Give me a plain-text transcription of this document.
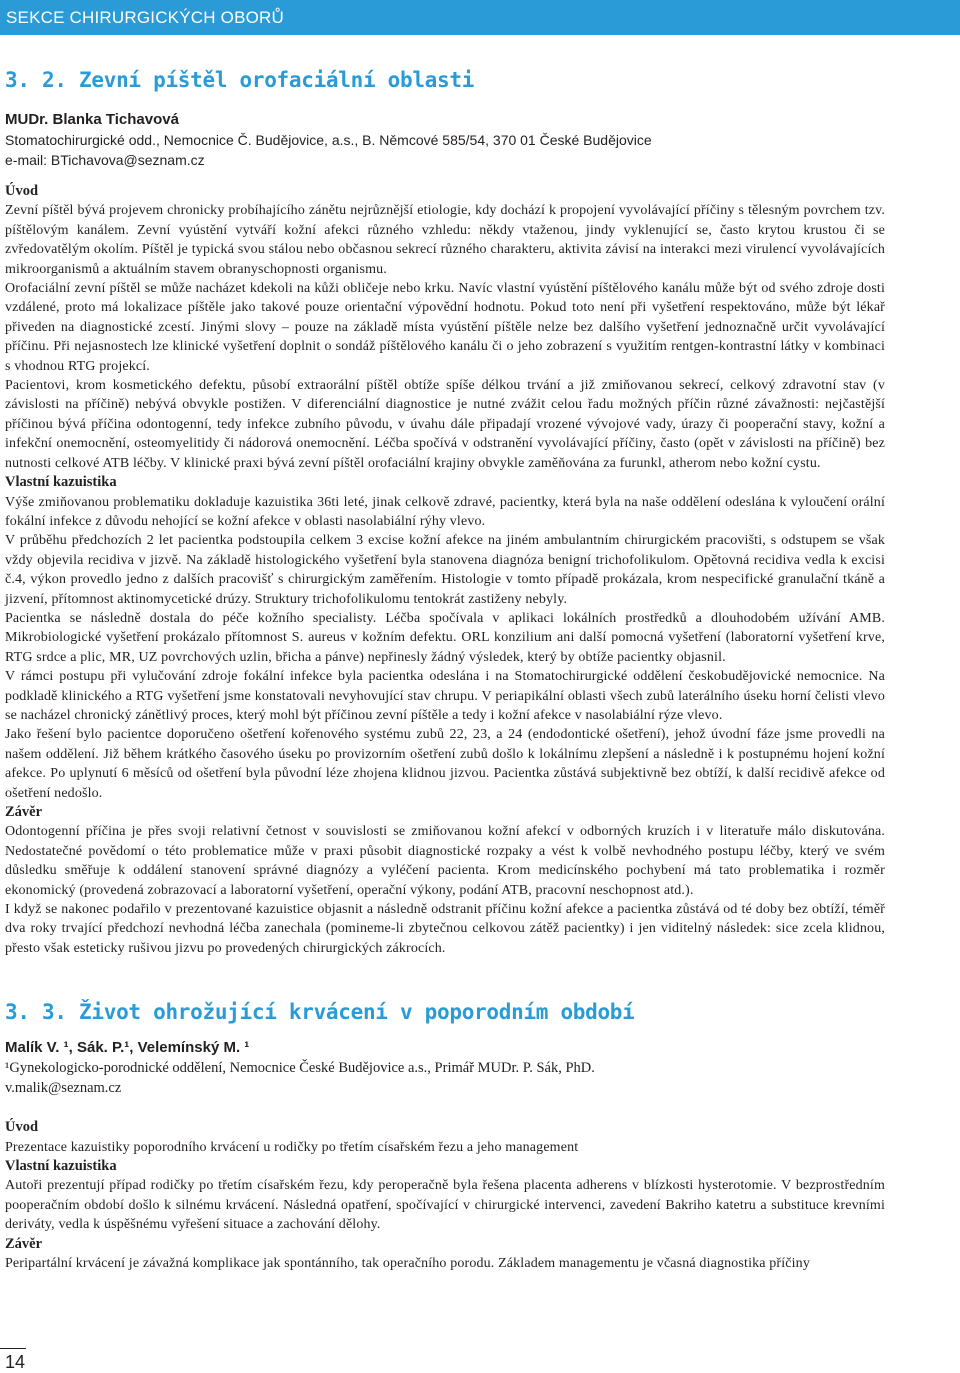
SEKCE CHIRURGICKÝCH OBORŮ
3. 2. Zevní píštěl orofaciální oblasti

MUDr. Blanka Tichavová

Stomatochirurgické odd., Nemocnice Č. Budějovice, a.s., B. Němcové 585/54, 370 01 České Budějovice

e-mail: BTichavova@seznam.cz

Úvod

Zevní píštěl bývá projevem chronicky probíhajícího zánětu nejrůznější etiologie, kdy dochází k propojení vyvolávající příčiny s tělesným povrchem tzv. píštělovým kanálem. Zevní vyústění vytváří kožní afekci různého vzhledu: někdy vtaženou, jindy vyklenující se, často krytou krustou či se zvředovatělým okolím. Píštěl je typická svou stálou nebo občasnou sekrecí různého charakteru, aktivita závisí na interakci mezi virulencí vyvolávajících mikroorganismů a aktuálním stavem obranyschopnosti organismu.

Orofaciální zevní píštěl se může nacházet kdekoli na kůži obličeje nebo krku. Navíc vlastní vyústění píštělového kanálu může být od svého zdroje dosti vzdálené, proto má lokalizace píštěle jako takové pouze orientační výpovědní hodnotu. Pokud toto není při vyšetření respektováno, může být lékař přiveden na diagnostické zcestí. Jinými slovy – pouze na základě místa vyústění píštěle nelze bez dalšího vyšetření jednoznačně určit vyvolávající příčinu. Při nejasnostech lze klinické vyšetření doplnit o sondáž píštělového kanálu či o jeho zobrazení s využitím rentgen-kontrastní látky v kombinaci s vhodnou RTG projekcí.

Pacientovi, krom kosmetického defektu, působí extraorální píštěl obtíže spíše délkou trvání a již zmiňovanou sekrecí, celkový zdravotní stav (v závislosti na příčině) nebývá obvykle postižen. V diferenciální diagnostice je nutné zvážit celou řadu možných příčin různé závažnosti: nejčastější příčinou bývá příčina odontogenní, tedy infekce zubního původu, v úvahu dále připadají vrozené vývojové vady, úrazy či pooperační stavy, kožní a infekční onemocnění, osteomyelitidy či nádorová onemocnění. Léčba spočívá v odstranění vyvolávající příčiny, často (opět v závislosti na příčině) bez nutnosti celkové ATB léčby. V klinické praxi bývá zevní píštěl orofaciální krajiny obvykle zaměňována za furunkl, atherom nebo kožní cystu.

Vlastní kazuistika

Výše zmiňovanou problematiku dokladuje kazuistika 36ti leté, jinak celkově zdravé, pacientky, která byla na naše oddělení odeslána k vyloučení orální fokální infekce z důvodu nehojící se kožní afekce v oblasti nasolabiální rýhy vlevo.

V průběhu předchozích 2 let pacientka podstoupila celkem 3 excise kožní afekce na jiném ambulantním chirurgickém pracovišti, s odstupem se však vždy objevila recidiva v jizvě. Na základě histologického vyšetření byla stanovena diagnóza benigní trichofolikulom. Opětovná recidiva vedla k excisi č.4, výkon provedlo jedno z dalších pracovišť s chirurgickým zaměřením. Histologie v tomto případě prokázala, krom nespecifické granulační tkáně a jizvení, přítomnost aktinomycetické drúzy. Struktury trichofolikulomu tentokrát zastiženy nebyly.

Pacientka se následně dostala do péče kožního specialisty. Léčba spočívala v aplikaci lokálních prostředků a dlouhodobém užívání AMB. Mikrobiologické vyšetření prokázalo přítomnost S. aureus v kožním defektu. ORL konzilium ani další pomocná vyšetření (laboratorní vyšetření krve, RTG srdce a plic, MR, UZ povrchových uzlin, břicha a pánve) nepřinesly žádný výsledek, který by obtíže pacientky objasnil.

V rámci postupu při vylučování zdroje fokální infekce byla pacientka odeslána i na Stomatochirurgické oddělení českobudějovické nemocnice. Na podkladě klinického a RTG vyšetření jsme konstatovali nevyhovující stav chrupu. V periapikální oblasti všech zubů laterálního úseku horní čelisti vlevo se nacházel chronický zánětlivý proces, který mohl být příčinou zevní píštěle a tedy i kožní afekce v nasolabiální rýze vlevo.

Jako řešení bylo pacientce doporučeno ošetření kořenového systému zubů 22, 23, a 24 (endodontické ošetření), jehož úvodní fáze jsme provedli na našem oddělení. Již během krátkého časového úseku po provizorním ošetření zubů došlo k lokálnímu zlepšení a následně i k postupnému hojení kožní afekce. Po uplynutí 6 měsíců od ošetření byla původní léze zhojena klidnou jizvou. Pacientka zůstává subjektivně bez obtíží, k další recidivě afekce od ošetření nedošlo.

Závěr

Odontogenní příčina je přes svoji relativní četnost v souvislosti se zmiňovanou kožní afekcí v odborných kruzích i v literatuře málo diskutována. Nedostatečné povědomí o této problematice může v praxi působit diagnostické rozpaky a vést k volbě nevhodného postupu léčby, který ve svém důsledku směřuje k oddálení stanovení správné diagnózy a vyléčení pacienta. Krom medicínského pochybení má tato problematika i rozměr ekonomický (provedená zobrazovací a laboratorní vyšetření, operační výkony, podání ATB, pracovní neschopnost atd.).

I když se nakonec podařilo v prezentované kazuistice objasnit a následně odstranit příčinu kožní afekce a pacientka zůstává od té doby bez obtíží, téměř dva roky trvající předchozí nevhodná léčba zanechala (pomineme-li zbytečnou celkovou zátěž pacientky) i jen viditelný následek: sice zcela klidnou, přesto však esteticky rušivou jizvu po provedených chirurgických zákrocích.

3. 3. Život ohrožující krvácení v poporodním období

Malík V. ¹, Sák. P.¹, Velemínský M. ¹

¹Gynekologicko-porodnické oddělení, Nemocnice České Budějovice a.s., Primář MUDr. P. Sák, PhD.

v.malik@seznam.cz

Úvod

Prezentace kazuistiky poporodního krvácení u rodičky po třetím císařském řezu a jeho management

Vlastní kazuistika

Autoři prezentují případ rodičky po třetím císařském řezu, kdy peroperačně byla řešena placenta adherens v blízkosti hysterotomie. V bezprostředním pooperačním období došlo k silnému krvácení. Následná opatření, spočívající v chirurgické intervenci, zavedení Bakriho katetru a substituce krevními deriváty, vedla k úspěšnému vyřešení situace a zachování dělohy.

Závěr

Peripartální krvácení je závažná komplikace jak spontánního, tak operačního porodu. Základem managementu je včasná diagnostika příčiny

14
